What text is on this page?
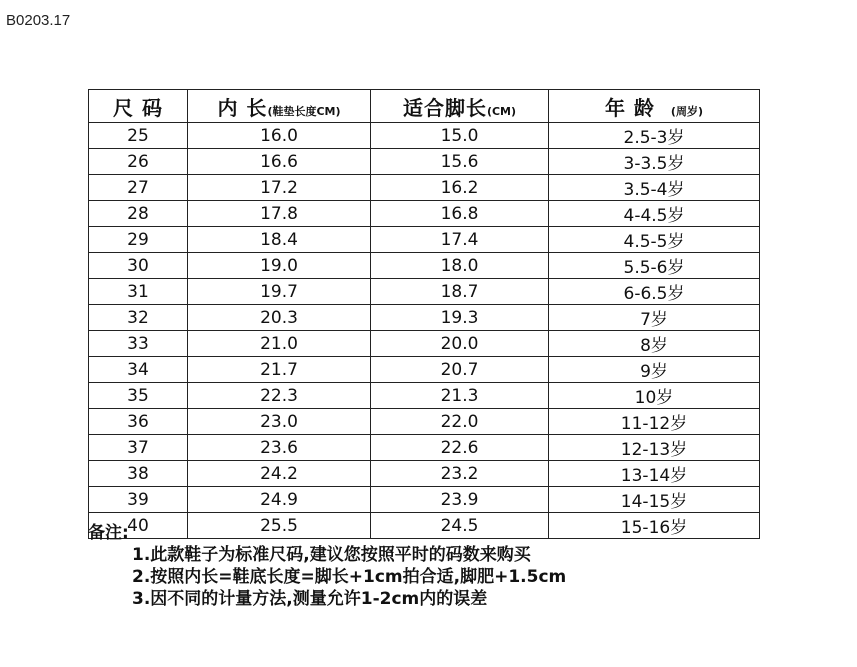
B0203.17
尺 码	内 长(鞋垫长度CM)	适合脚长(CM)	年 龄 (周岁)
25	16.0	15.0	2.5-3岁
26	16.6	15.6	3-3.5岁
27	17.2	16.2	3.5-4岁
28	17.8	16.8	4-4.5岁
29	18.4	17.4	4.5-5岁
30	19.0	18.0	5.5-6岁
31	19.7	18.7	6-6.5岁
32	20.3	19.3	7岁
33	21.0	20.0	8岁
34	21.7	20.7	9岁
35	22.3	21.3	10岁
36	23.0	22.0	11-12岁
37	23.6	22.6	12-13岁
38	24.2	23.2	13-14岁
39	24.9	23.9	14-15岁
40	25.5	24.5	15-16岁
备注:
1.此款鞋子为标准尺码,建议您按照平时的码数来购买
2.按照内长=鞋底长度=脚长+1cm拍合适,脚肥+1.5cm
3.因不同的计量方法,测量允许1-2cm内的误差
